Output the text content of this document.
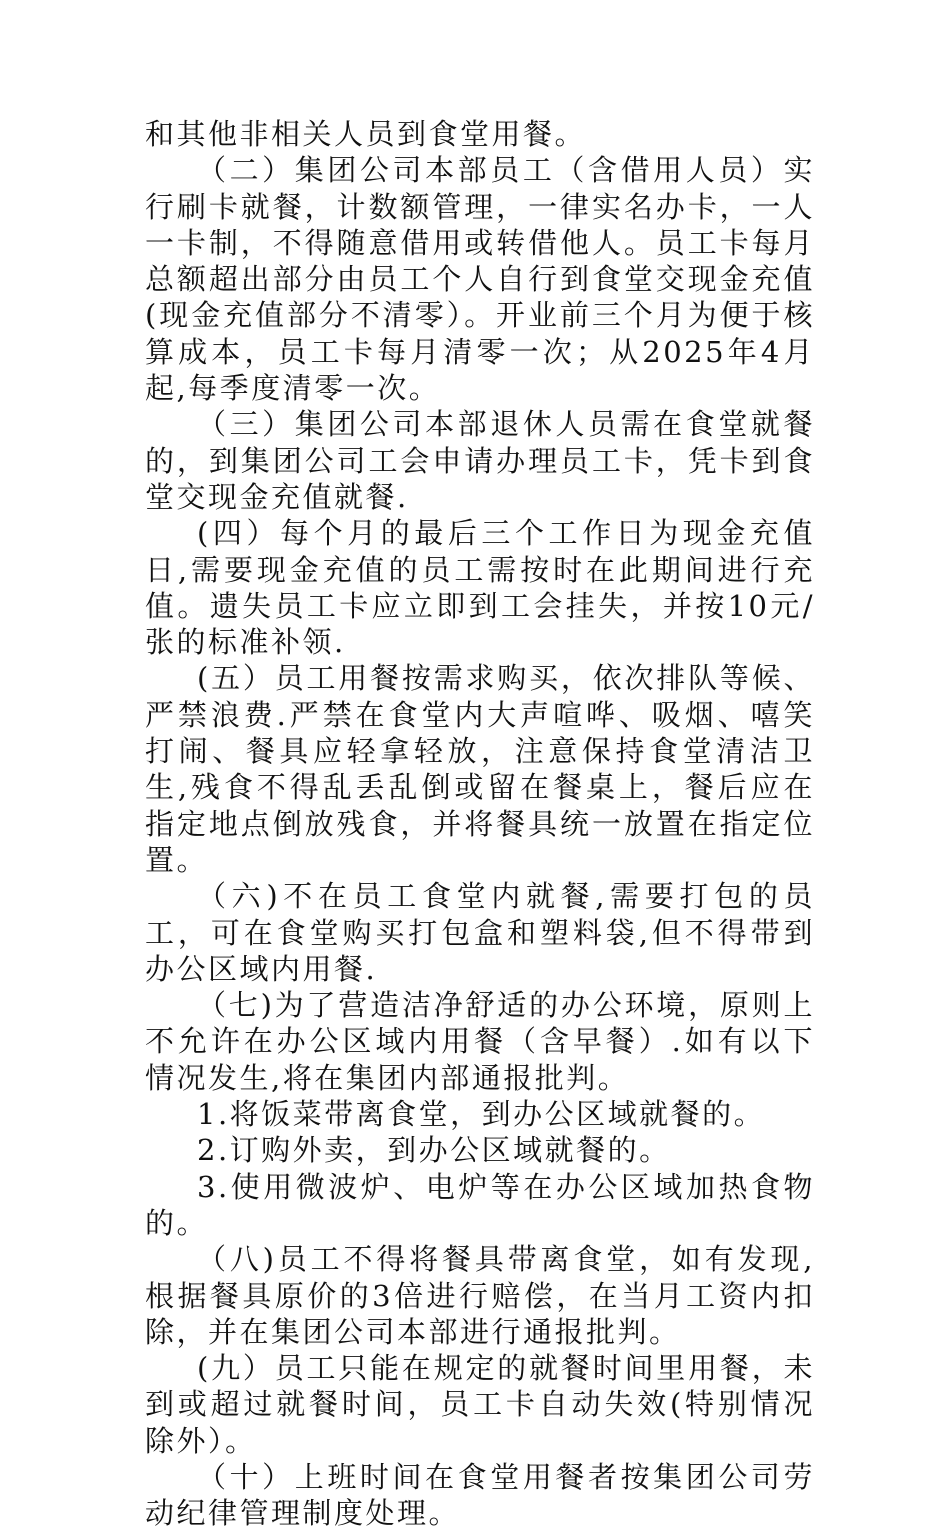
和其他非相关人员到食堂用餐。

（二）集团公司本部员工（含借用人员）实行刷卡就餐，计数额管理，一律实名办卡，一人一卡制，不得随意借用或转借他人。员工卡每月总额超出部分由员工个人自行到食堂交现金充值(现金充值部分不清零）。开业前三个月为便于核算成本，员工卡每月清零一次；从2025年4月起,每季度清零一次。

（三）集团公司本部退休人员需在食堂就餐的，到集团公司工会申请办理员工卡，凭卡到食堂交现金充值就餐.

(四）每个月的最后三个工作日为现金充值日,需要现金充值的员工需按时在此期间进行充值。遗失员工卡应立即到工会挂失，并按10元/张的标准补领.

(五）员工用餐按需求购买，依次排队等候、严禁浪费.严禁在食堂内大声喧哗、吸烟、嘻笑打闹、餐具应轻拿轻放，注意保持食堂清洁卫生,残食不得乱丢乱倒或留在餐桌上，餐后应在指定地点倒放残食，并将餐具统一放置在指定位置。

（六)不在员工食堂内就餐,需要打包的员工，可在食堂购买打包盒和塑料袋,但不得带到办公区域内用餐.

（七)为了营造洁净舒适的办公环境，原则上不允许在办公区域内用餐（含早餐）.如有以下情况发生,将在集团内部通报批判。

1.将饭菜带离食堂，到办公区域就餐的。

2.订购外卖，到办公区域就餐的。

3.使用微波炉、电炉等在办公区域加热食物的。

（八)员工不得将餐具带离食堂，如有发现,根据餐具原价的3倍进行赔偿，在当月工资内扣除，并在集团公司本部进行通报批判。

(九）员工只能在规定的就餐时间里用餐，未到或超过就餐时间，员工卡自动失效(特别情况除外）。

（十）上班时间在食堂用餐者按集团公司劳动纪律管理制度处理。
